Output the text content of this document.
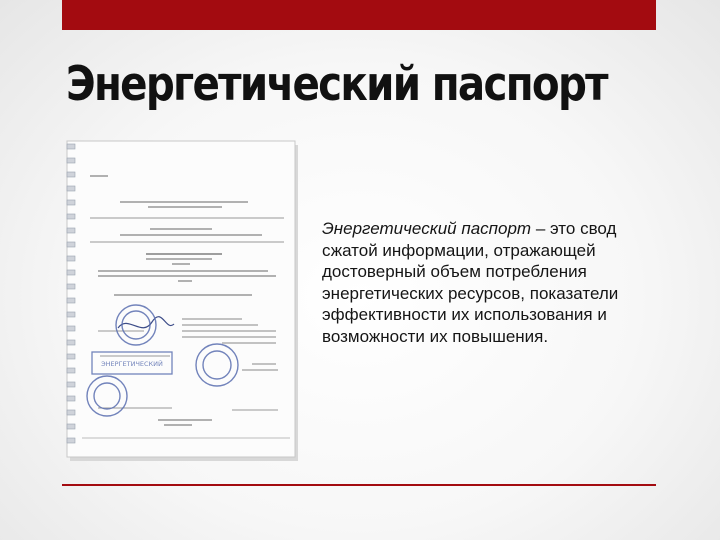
Энергетический паспорт
ЭНЕРГЕТИЧЕСКИЙ

Энергетический паспорт – это свод сжатой информации, отражающей достоверный объем потребления энергетических ресурсов, показатели эффективности их использования и возможности их повышения.
